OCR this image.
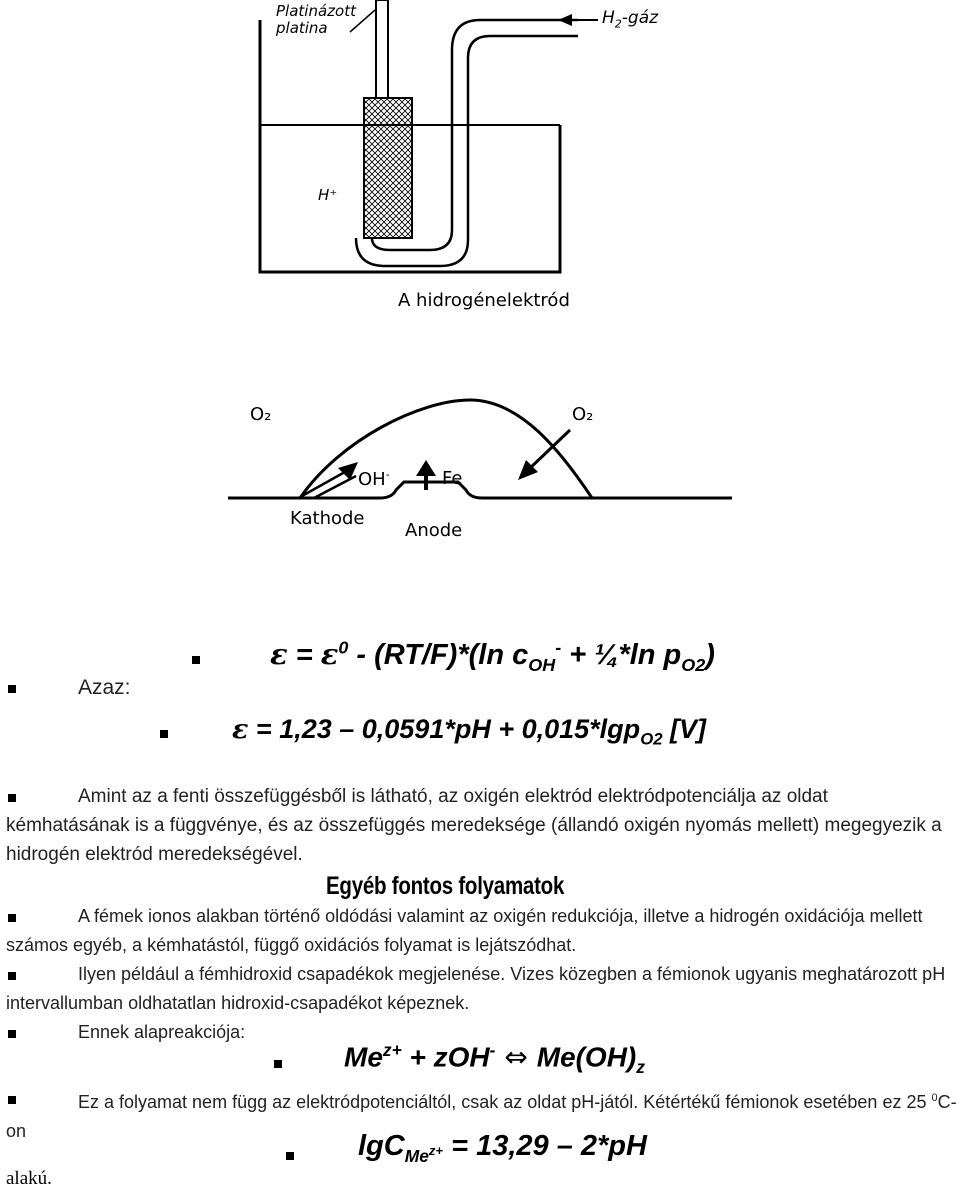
Platinázott
platina	$H_2$-gáz
H⁺
A hidrogénelektród
O₂	O₂
OH-	Fe
Kathode
Anode
Azaz:
$\varepsilon = \varepsilon^0 - (RT/F)*(\ln$ $c_{OH}^-$ + ¼*ln $p_{O2}$)
ε = 1,23 – 0,0591*pH + 0,015*lgp$_{O2}$ [V]
Amint az a fenti összefüggésből is látható, az oxigén elektród elektródpotenciálja az oldat kémhatásának is a függvénye, és az összefüggés meredeksége (állandó oxigén nyomás mellett) megegyezik a hidrogén elektród meredekségével.
Egyéb fontos folyamatok
A fémek ionos alakban történő oldódási valamint az oxigén redukciója, illetve a hidrogén oxidációja mellett számos egyéb, a kémhatástól, függő oxidációs folyamat is lejátszódhat.
Ilyen például a fémhidroxid csapadékok megjelenése. Vizes közegben a fémionok ugyanis meghatározott pH intervallumban oldhatatlan hidroxid-csapadékot képeznek.
Ennek alapreakciója:
$Me^{z+} + zOH^-$ ⇔ $Me(OH)_z$
Ez a folyamat nem függ az elektródpotenciáltól, csak az oldat pH-jától. Kétértékű fémionok esetében ez 25 $^0$C-on	lgC$_{Me^{z+}}$ = 13,29 – 2*pH
alakú.
